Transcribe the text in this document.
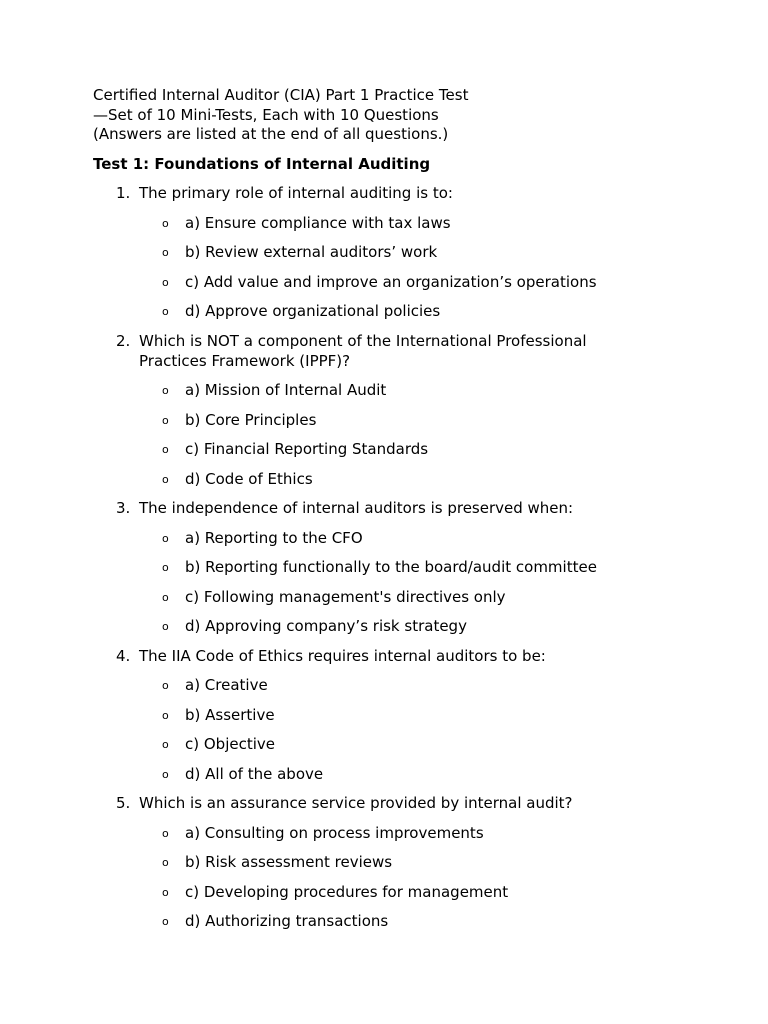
Certified Internal Auditor (CIA) Part 1 Practice Test
—Set of 10 Mini-Tests, Each with 10 Questions
(Answers are listed at the end of all questions.)
Test 1: Foundations of Internal Auditing
1. The primary role of internal auditing is to:
o a) Ensure compliance with tax laws
o b) Review external auditors’ work
o c) Add value and improve an organization’s operations
o d) Approve organizational policies
2. Which is NOT a component of the International Professional Practices Framework (IPPF)?
o a) Mission of Internal Audit
o b) Core Principles
o c) Financial Reporting Standards
o d) Code of Ethics
3. The independence of internal auditors is preserved when:
o a) Reporting to the CFO
o b) Reporting functionally to the board/audit committee
o c) Following management's directives only
o d) Approving company’s risk strategy
4. The IIA Code of Ethics requires internal auditors to be:
o a) Creative
o b) Assertive
o c) Objective
o d) All of the above
5. Which is an assurance service provided by internal audit?
o a) Consulting on process improvements
o b) Risk assessment reviews
o c) Developing procedures for management
o d) Authorizing transactions
